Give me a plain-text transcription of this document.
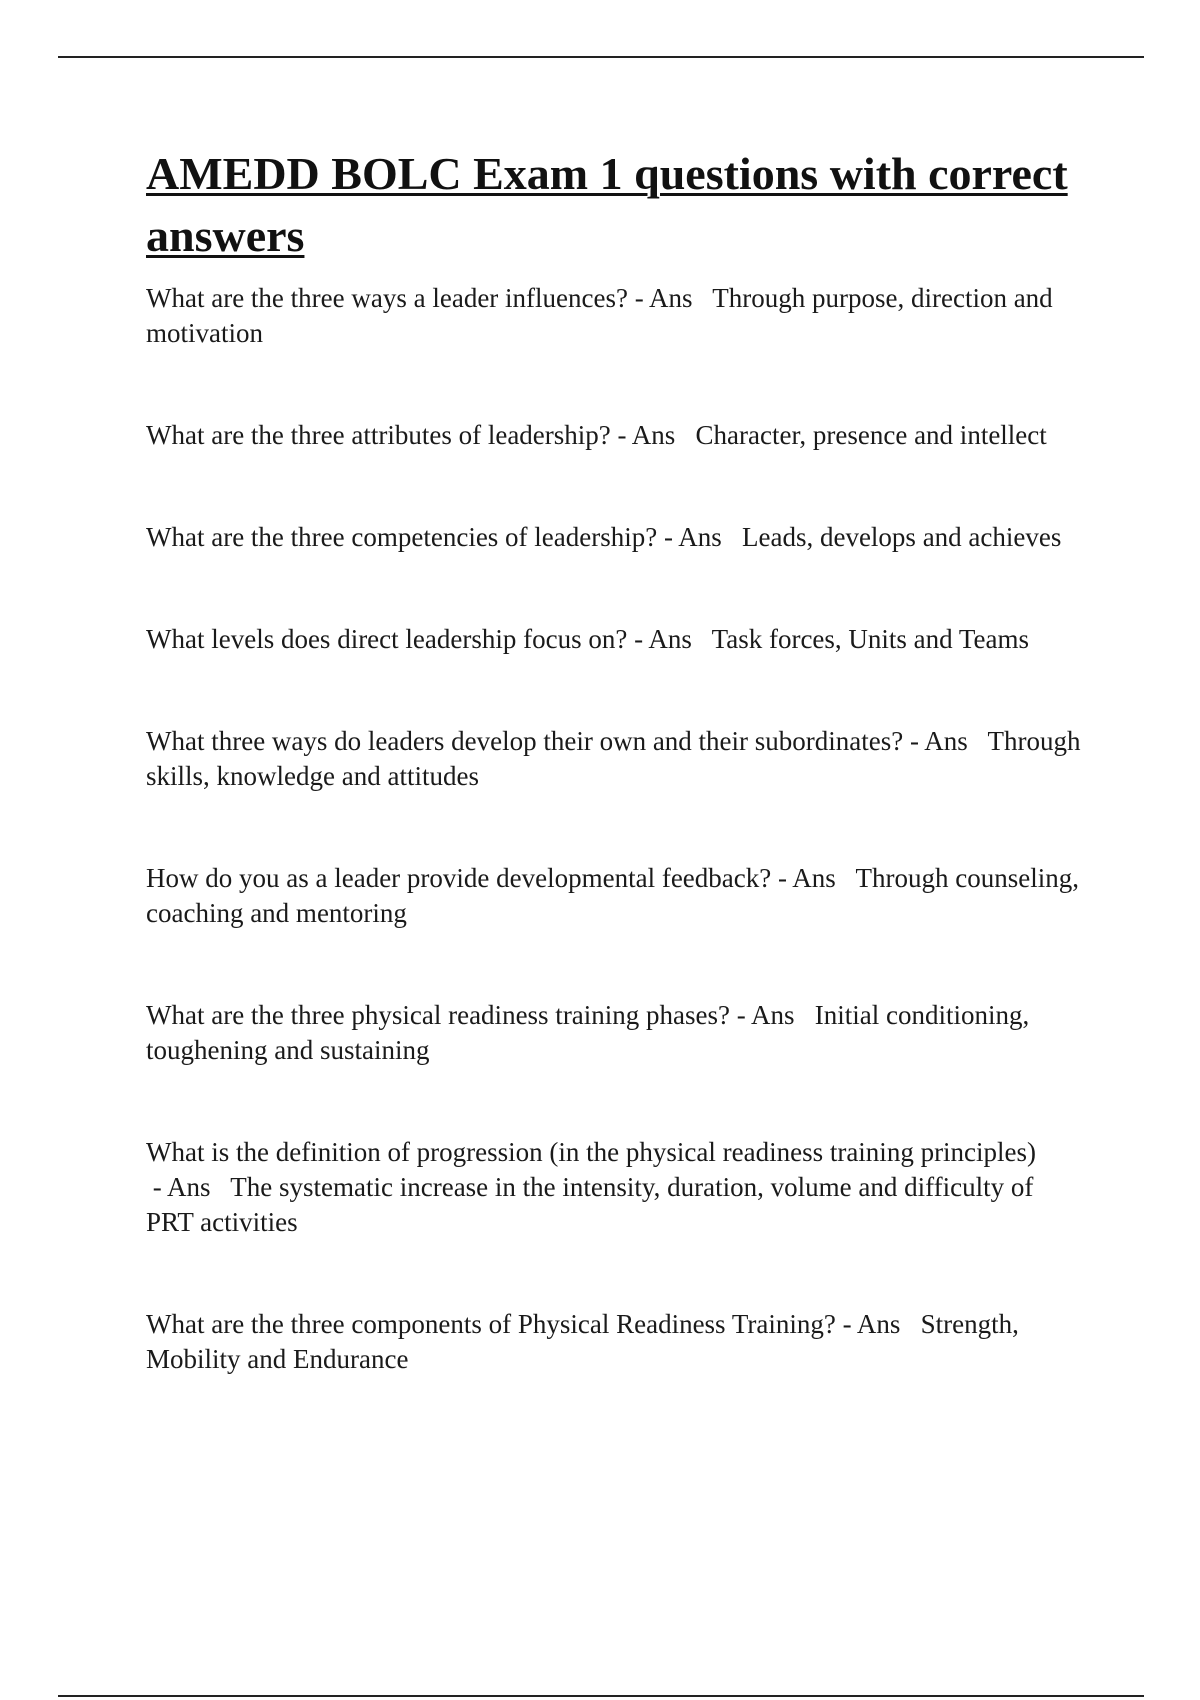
AMEDD BOLC Exam 1 questions with correct answers
What are the three ways a leader influences? - Ans   Through purpose, direction and motivation
What are the three attributes of leadership? - Ans   Character, presence and intellect
What are the three competencies of leadership? - Ans   Leads, develops and achieves
What levels does direct leadership focus on? - Ans   Task forces, Units and Teams
What three ways do leaders develop their own and their subordinates? - Ans   Through skills, knowledge and attitudes
How do you as a leader provide developmental feedback? - Ans   Through counseling, coaching and mentoring
What are the three physical readiness training phases? - Ans   Initial conditioning, toughening and sustaining
What is the definition of progression (in the physical readiness training principles) - Ans   The systematic increase in the intensity, duration, volume and difficulty of PRT activities
What are the three components of Physical Readiness Training? - Ans   Strength, Mobility and Endurance
